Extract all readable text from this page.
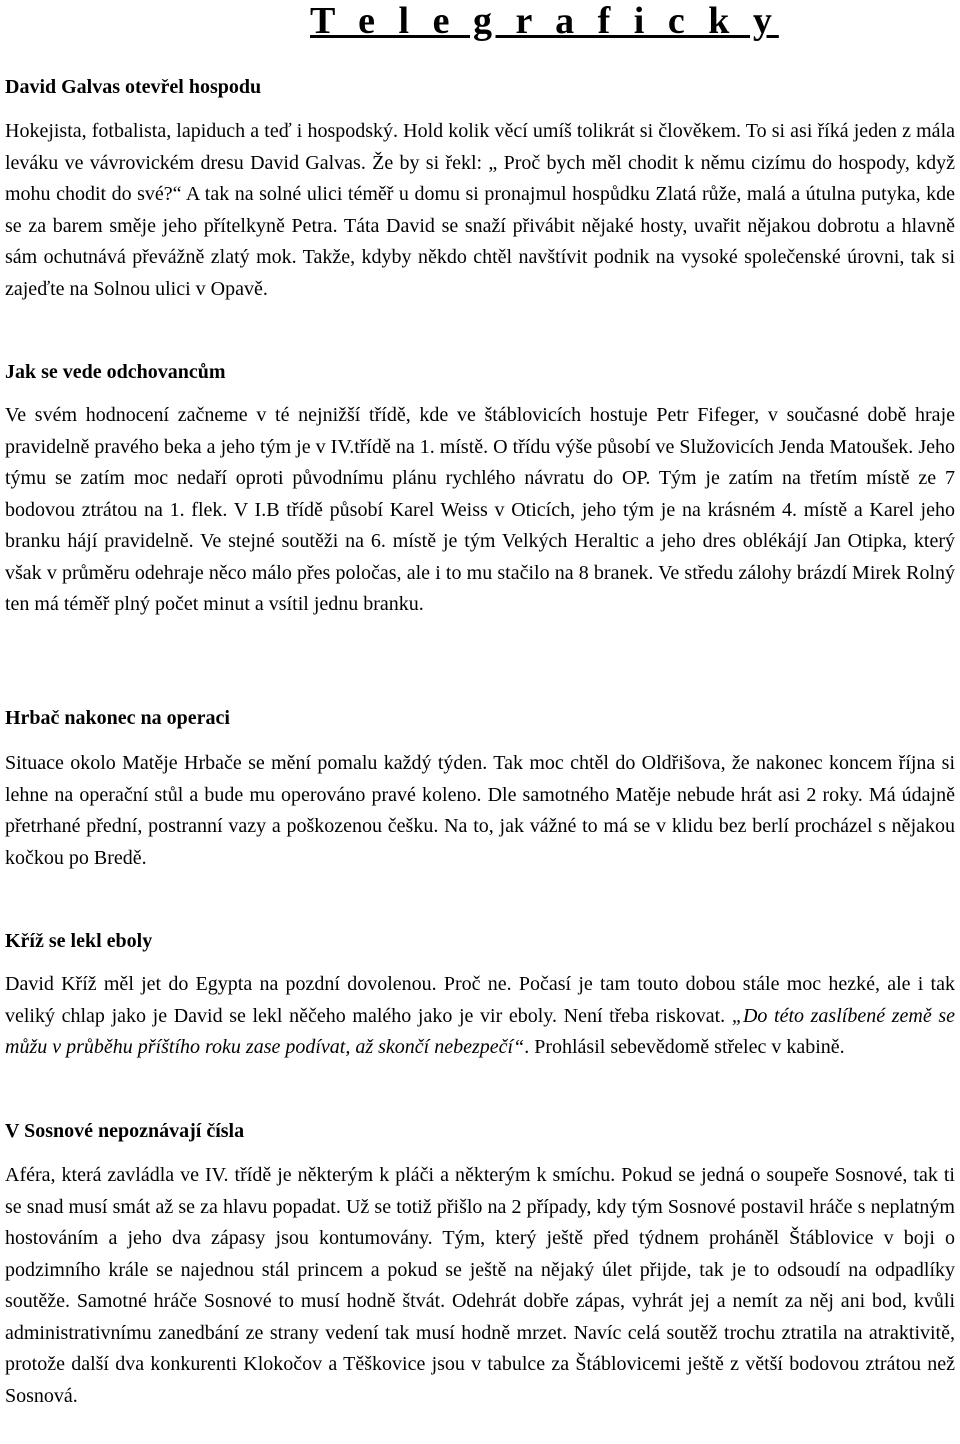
T e l e g r a f i c k y
David Galvas otevřel hospodu

Hokejista, fotbalista, lapiduch a teď i hospodský. Hold kolik věcí umíš tolikrát si člověkem. To si asi říká jeden z mála leváku ve vávrovickém dresu David Galvas. Že by si řekl: „ Proč bych měl chodit k němu cizímu do hospody, když mohu chodit do své?“ A tak na solné ulici téměř u domu si pronajmul hospůdku Zlatá růže, malá a útulna putyka, kde se za barem směje jeho přítelkyně Petra. Táta David se snaží přivábit nějaké hosty, uvařit nějakou dobrotu a hlavně sám ochutnává převážně zlatý mok. Takže, kdyby někdo chtěl navštívit podnik na vysoké společenské úrovni, tak si zajeďte na Solnou ulici v Opavě.

Jak se vede odchovancům

Ve svém hodnocení začneme v té nejnižší třídě, kde ve štáblovicích hostuje Petr Fifeger, v současné době hraje pravidelně pravého beka a jeho tým je v IV.třídě na 1. místě. O třídu výše působí ve Služovicích Jenda Matoušek. Jeho týmu se zatím moc nedaří oproti původnímu plánu rychlého návratu do OP. Tým je zatím na třetím místě ze 7 bodovou ztrátou na 1. flek. V I.B třídě působí Karel Weiss v Oticích, jeho tým je na krásném 4. místě a Karel jeho branku hájí pravidelně. Ve stejné soutěži na 6. místě je tým Velkých Heraltic a jeho dres oblékájí Jan Otipka, který však v průměru odehraje něco málo přes poločas, ale i to mu stačilo na 8 branek. Ve středu zálohy brázdí Mirek Rolný ten má téměř plný počet minut a vsítil jednu branku.

Hrbač nakonec na operaci

Situace okolo Matěje Hrbače se mění pomalu každý týden. Tak moc chtěl do Oldřišova, že nakonec koncem října si lehne na operační stůl a bude mu operováno pravé koleno. Dle samotného Matěje nebude hrát asi 2 roky. Má údajně přetrhané přední, postranní vazy a poškozenou češku. Na to, jak vážné to má se v klidu bez berlí procházel s nějakou kočkou po Bredě.

Kříž se lekl eboly

David Kříž měl jet do Egypta na pozdní dovolenou. Proč ne. Počasí je tam touto dobou stále moc hezké, ale i tak veliký chlap jako je David se lekl něčeho malého jako je vir eboly. Není třeba riskovat. „Do této zaslíbené země se můžu v průběhu příštího roku zase podívat, až skončí nebezpečí“. Prohlásil sebevědomě střelec v kabině.

V Sosnové nepoznávají čísla

Aféra, která zavládla ve IV. třídě je některým k pláči a některým k smíchu. Pokud se jedná o soupeře Sosnové, tak ti se snad musí smát až se za hlavu popadat. Už se totiž přišlo na 2 případy, kdy tým Sosnové postavil hráče s neplatným hostováním a jeho dva zápasy jsou kontumovány. Tým, který ještě před týdnem proháněl Štáblovice v boji o podzimního krále se najednou stál princem a pokud se ještě na nějaký úlet přijde, tak je to odsoudí na odpadlíky soutěže. Samotné hráče Sosnové to musí hodně štvát. Odehrát dobře zápas, vyhrát jej a nemít za něj ani bod, kvůli administrativnímu zanedbání ze strany vedení tak musí hodně mrzet. Navíc celá soutěž trochu ztratila na atraktivitě, protože další dva konkurenti Klokočov a Těškovice jsou v tabulce za Štáblovicemi ještě z větší bodovou ztrátou než Sosnová.
